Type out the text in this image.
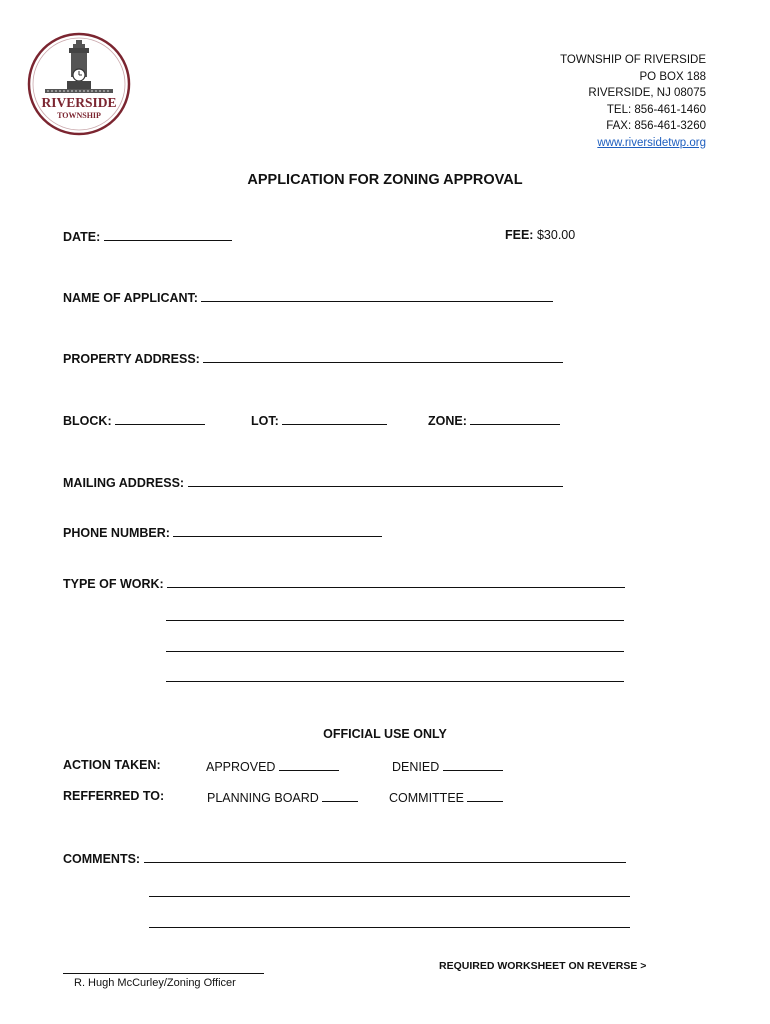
RIVERSIDE
TOWNSHIP
TOWNSHIP OF RIVERSIDE
PO BOX 188
RIVERSIDE, NJ 08075
TEL: 856-461-1460
FAX: 856-461-3260
www.riversidetwp.org
APPLICATION FOR ZONING APPROVAL
DATE:	FEE: $30.00
NAME OF APPLICANT:
PROPERTY ADDRESS:
BLOCK:	LOT:	ZONE:
MAILING ADDRESS:
PHONE NUMBER:
TYPE OF WORK:
OFFICIAL USE ONLY
ACTION TAKEN:	APPROVED	DENIED
REFFERRED TO:	PLANNING BOARD	COMMITTEE
COMMENTS:
R. Hugh McCurley/Zoning Officer
REQUIRED WORKSHEET ON REVERSE >
